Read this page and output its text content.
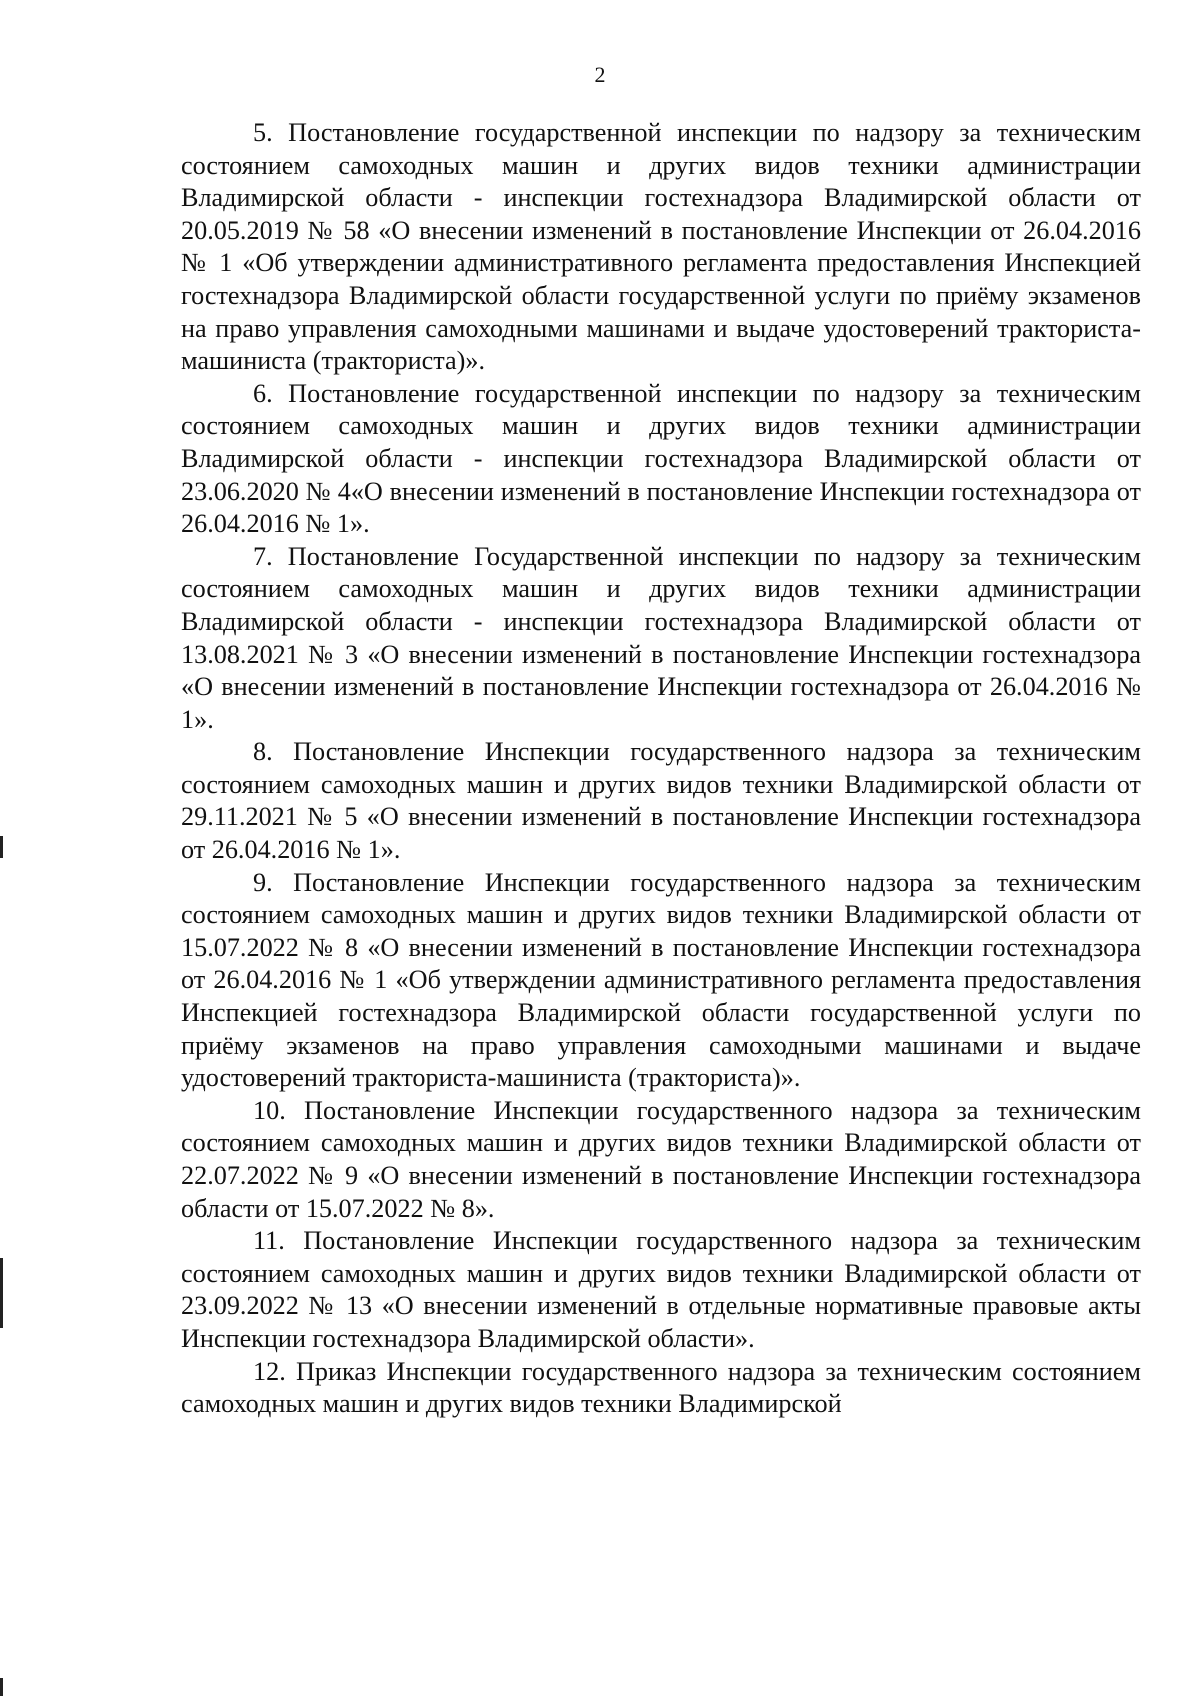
2

5. Постановление государственной инспекции по надзору за техническим состоянием самоходных машин и других видов техники администрации Владимирской области - инспекции гостехнадзора Владимирской области от 20.05.2019 № 58 «О внесении изменений в постановление Инспекции от 26.04.2016 № 1 «Об утверждении административного регламента предоставления Инспекцией гостехнадзора Владимирской области государственной услуги по приёму экзаменов на право управления самоходными машинами и выдаче удостоверений тракториста-машиниста (тракториста)».

6. Постановление государственной инспекции по надзору за техническим состоянием самоходных машин и других видов техники администрации Владимирской области - инспекции гостехнадзора Владимирской области от 23.06.2020 № 4«О внесении изменений в постановление Инспекции гостехнадзора от 26.04.2016 № 1».

7. Постановление Государственной инспекции по надзору за техническим состоянием самоходных машин и других видов техники администрации Владимирской области - инспекции гостехнадзора Владимирской области от 13.08.2021 № 3 «О внесении изменений в постановление Инспекции гостехнадзора «О внесении изменений в постановление Инспекции гостехнадзора от 26.04.2016 № 1».

8. Постановление Инспекции государственного надзора за техническим состоянием самоходных машин и других видов техники Владимирской области от 29.11.2021 № 5 «О внесении изменений в постановление Инспекции гостехнадзора от 26.04.2016 № 1».

9. Постановление Инспекции государственного надзора за техническим состоянием самоходных машин и других видов техники Владимирской области от 15.07.2022 № 8 «О внесении изменений в постановление Инспекции гостехнадзора от 26.04.2016 № 1 «Об утверждении административного регламента предоставления Инспекцией гостехнадзора Владимирской области государственной услуги по приёму экзаменов на право управления самоходными машинами и выдаче удостоверений тракториста-машиниста (тракториста)».

10. Постановление Инспекции государственного надзора за техническим состоянием самоходных машин и других видов техники Владимирской области от 22.07.2022 № 9 «О внесении изменений в постановление Инспекции гостехнадзора области от 15.07.2022 № 8».

11. Постановление Инспекции государственного надзора за техническим состоянием самоходных машин и других видов техники Владимирской области от 23.09.2022 № 13 «О внесении изменений в отдельные нормативные правовые акты Инспекции гостехнадзора Владимирской области».

12. Приказ Инспекции государственного надзора за техническим состоянием самоходных машин и других видов техники Владимирской
